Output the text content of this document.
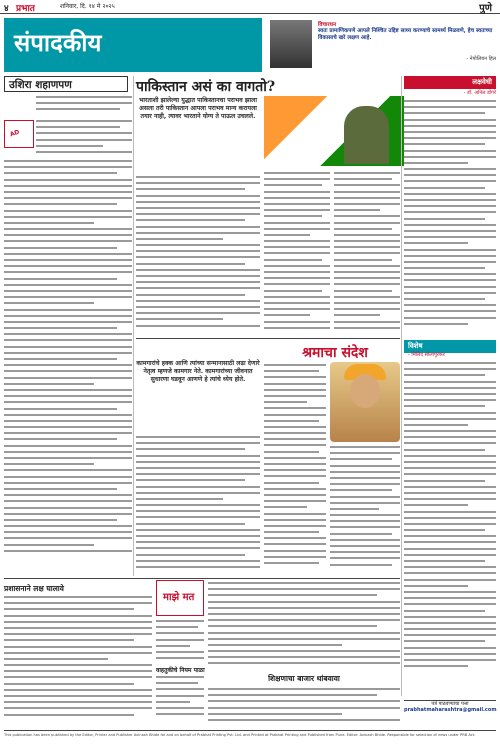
४ प्रभात	शनिवार, दि. १४ मे २०२५	पुणे
संपादकीय
विचारधन
स्वतः प्रामाणिकपणे आपले निश्चित उद्दिष्ट साध्य करण्याचे सामर्थ्य मिळवणे, हेच स्वतःच्या विकासाचे खरे लक्षण आहे.
- नेपोलियन हिल
उशिरा शहाणपण
AD
पाकिस्तान असं का वागतो?
भारताशी झालेल्या युद्धात पाकिस्तानचा पराभव झाला असला तरी पाकिस्तान आपला पराभव मान्य करायला तयार नाही, त्यावर भारताने योग्य ते पाऊल उचलले.
लक्षवेधी
- डॉ. अनिल डोंगरे
विशेष
- मिलिंद सोलापूरकर
श्रमाचा संदेश
कामगारांचे हक्क आणि त्यांच्या सन्मानासाठी लढा देणारे नेतृत्व म्हणजे कामगार नेते. कामगारांच्या जीवनात सुधारणा घडवून आणणे हे त्यांचे ध्येय होते.
प्रशासनाने लक्ष घालावे
माझे मत
वाहतुकीचे नियम पाळा
शिक्षणाचा बाजार थांबवावा
पत्रे पाठवण्याचा पत्ता
prabhatmaharashtra@gmail.com
This publication has been published by the Editor, Printer and Publisher Avinash Bhide for and on behalf of Prabhat Printing Pvt. Ltd. and Printed at Prabhat Printing and Published from Pune. Editor: Avinash Bhide. Responsible for selection of news under PRB Act.
